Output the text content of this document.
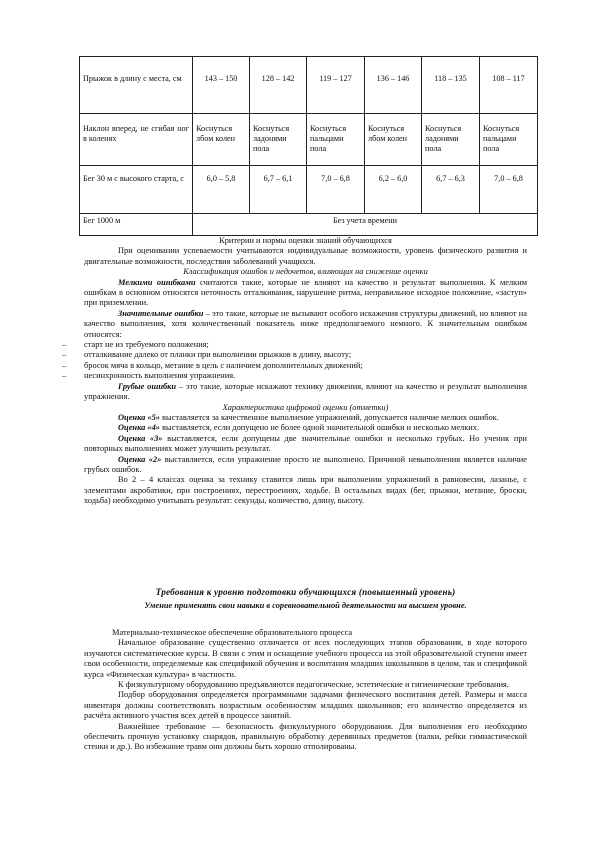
Прыжок в длину с места, см	143 – 150	128 – 142	119 – 127	136 – 146	118 – 135	108 – 117
Наклон вперед, не сгибая ног в коленях	Коснуться лбом колен	Коснуться ладонями пола	Коснуться пальцами пола	Коснуться лбом колен	Коснуться ладонями пола	Коснуться пальцами пола
Бег 30 м с высокого старта, с	6,0 – 5,8	6,7 – 6,1	7,0 – 6,8	6,2 – 6,0	6,7 – 6,3	7,0 – 6,8
Бег 1000 м	Без учета времени					

Критерии и нормы оценки знаний обучающихся

При оценивании успеваемости учитываются индивидуальные возможности, уровень физического развития и двигательные возможности, последствия заболеваний учащихся.

Классификация ошибок и недочетов, влияющих на снижение оценки

Мелкими ошибками считаются такие, которые не влияют на качество и результат выполнения. К мелким ошибкам в основном относятся неточность отталкивания, нарушение ритма, неправильное исходное положение, «заступ» при приземлении.

Значительные ошибки – это такие, которые не вызывают особого искажения структуры движений, но влияют на качество выполнения, хотя количественный показатель ниже предполагаемого немного. К значительным ошибкам относятся:

– старт не из требуемого положения;

– отталкивание далеко от планки при выполнении прыжков в длину, высоту;

– бросок мяча в кольцо, метание в цель с наличием дополнительных движений;

– несинхронность выполнения упражнения.

Грубые ошибки – это такие, которые искажают технику движения, влияют на качество и результат выполнения упражнения.

Характеристика цифровой оценки (отметки)

Оценка «5» выставляется за качественное выполнение упражнений, допускается наличие мелких ошибок.

Оценка «4» выставляется, если допущено не более одной значительной ошибки и несколько мелких.

Оценка «3» выставляется, если допущены две значительные ошибки и несколько грубых. Но ученик при повторных выполнениях может улучшить результат.

Оценка «2» выставляется, если упражнение просто не выполнено. Причиной невыполнения является наличие грубых ошибок.

Во 2 – 4 классах оценка за технику ставится лишь при выполнении упражнений в равновесии, лазанье, с элементами акробатики, при построениях, перестроениях, ходьбе. В остальных видах (бег, прыжки, метание, броски, ходьба) необходимо учитывать результат: секунды, количество, длину, высоту.

Требования к уровню подготовки обучающихся (повышенный уровень)

Умение применять свои навыки в соревновательной деятельности на высшем уровне.

Материально-техническое обеспечение образовательного процесса

Начальное образование существенно отличается от всех последующих этапов образования, в ходе которого изучаются систематические курсы. В связи с этим и оснащение учебного процесса на этой образовательной ступени имеет свои особенности, определяемые как спецификой обучения и воспитания младших школьников в целом, так и спецификой курса «Физическая культура» в частности.

К физкультурному оборудованию предъявляются педагогические, эстетические и гигиенические требования.

Подбор оборудования определяется программными задачами физического воспитания детей. Размеры и масса инвентаря должны соответствовать возрастным особенностям младших школьников; его количество определяется из расчёта активного участия всех детей в процессе занятий.

Важнейшее требование — безопасность физкультурного оборудования. Для выполнения его необходимо обеспечить прочную установку снарядов, правильную обработку деревянных предметов (палки, рейки гимнастической стенки и др.). Во избежание травм они должны быть хорошо отполированы.
